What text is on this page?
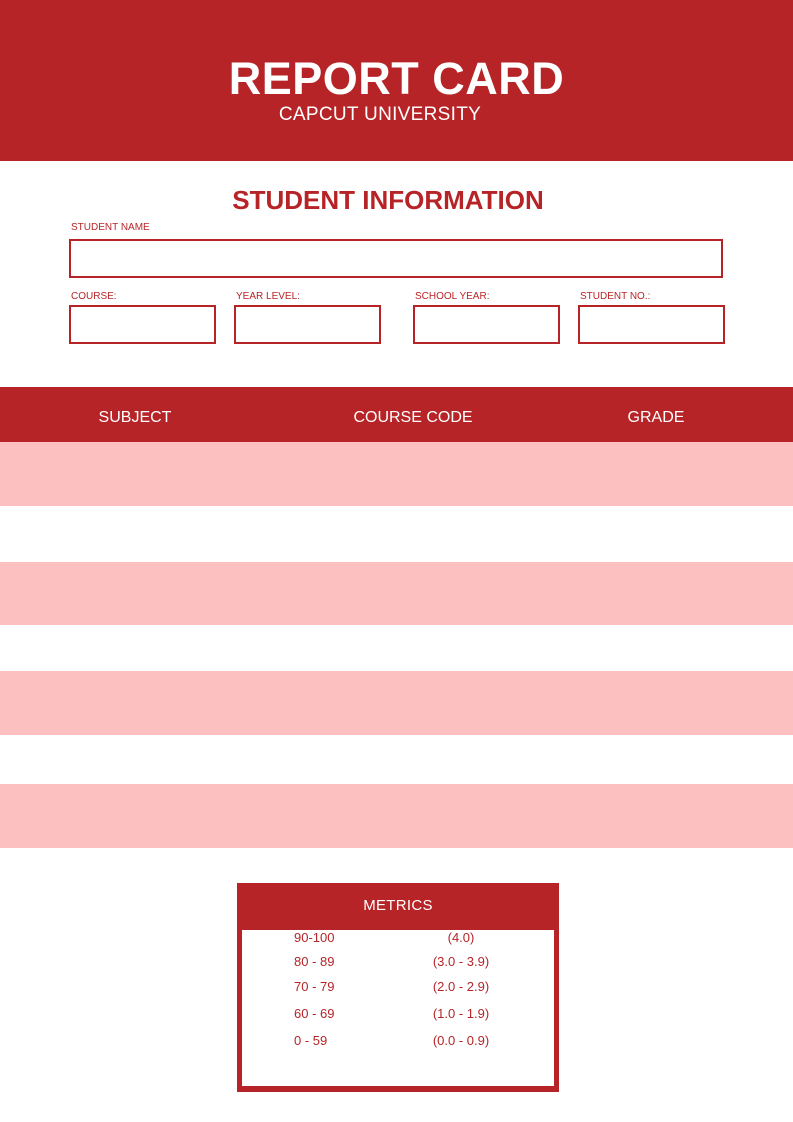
REPORT CARD
CAPCUT UNIVERSITY
STUDENT INFORMATION
STUDENT NAME
COURSE:	YEAR LEVEL:	SCHOOL YEAR:	STUDENT NO.:
SUBJECT	COURSE CODE	GRADE
METRICS
90-100	(4.0)
80 - 89	(3.0 - 3.9)
70 - 79	(2.0 - 2.9)
60 - 69	(1.0 - 1.9)
0 - 59	(0.0 - 0.9)
